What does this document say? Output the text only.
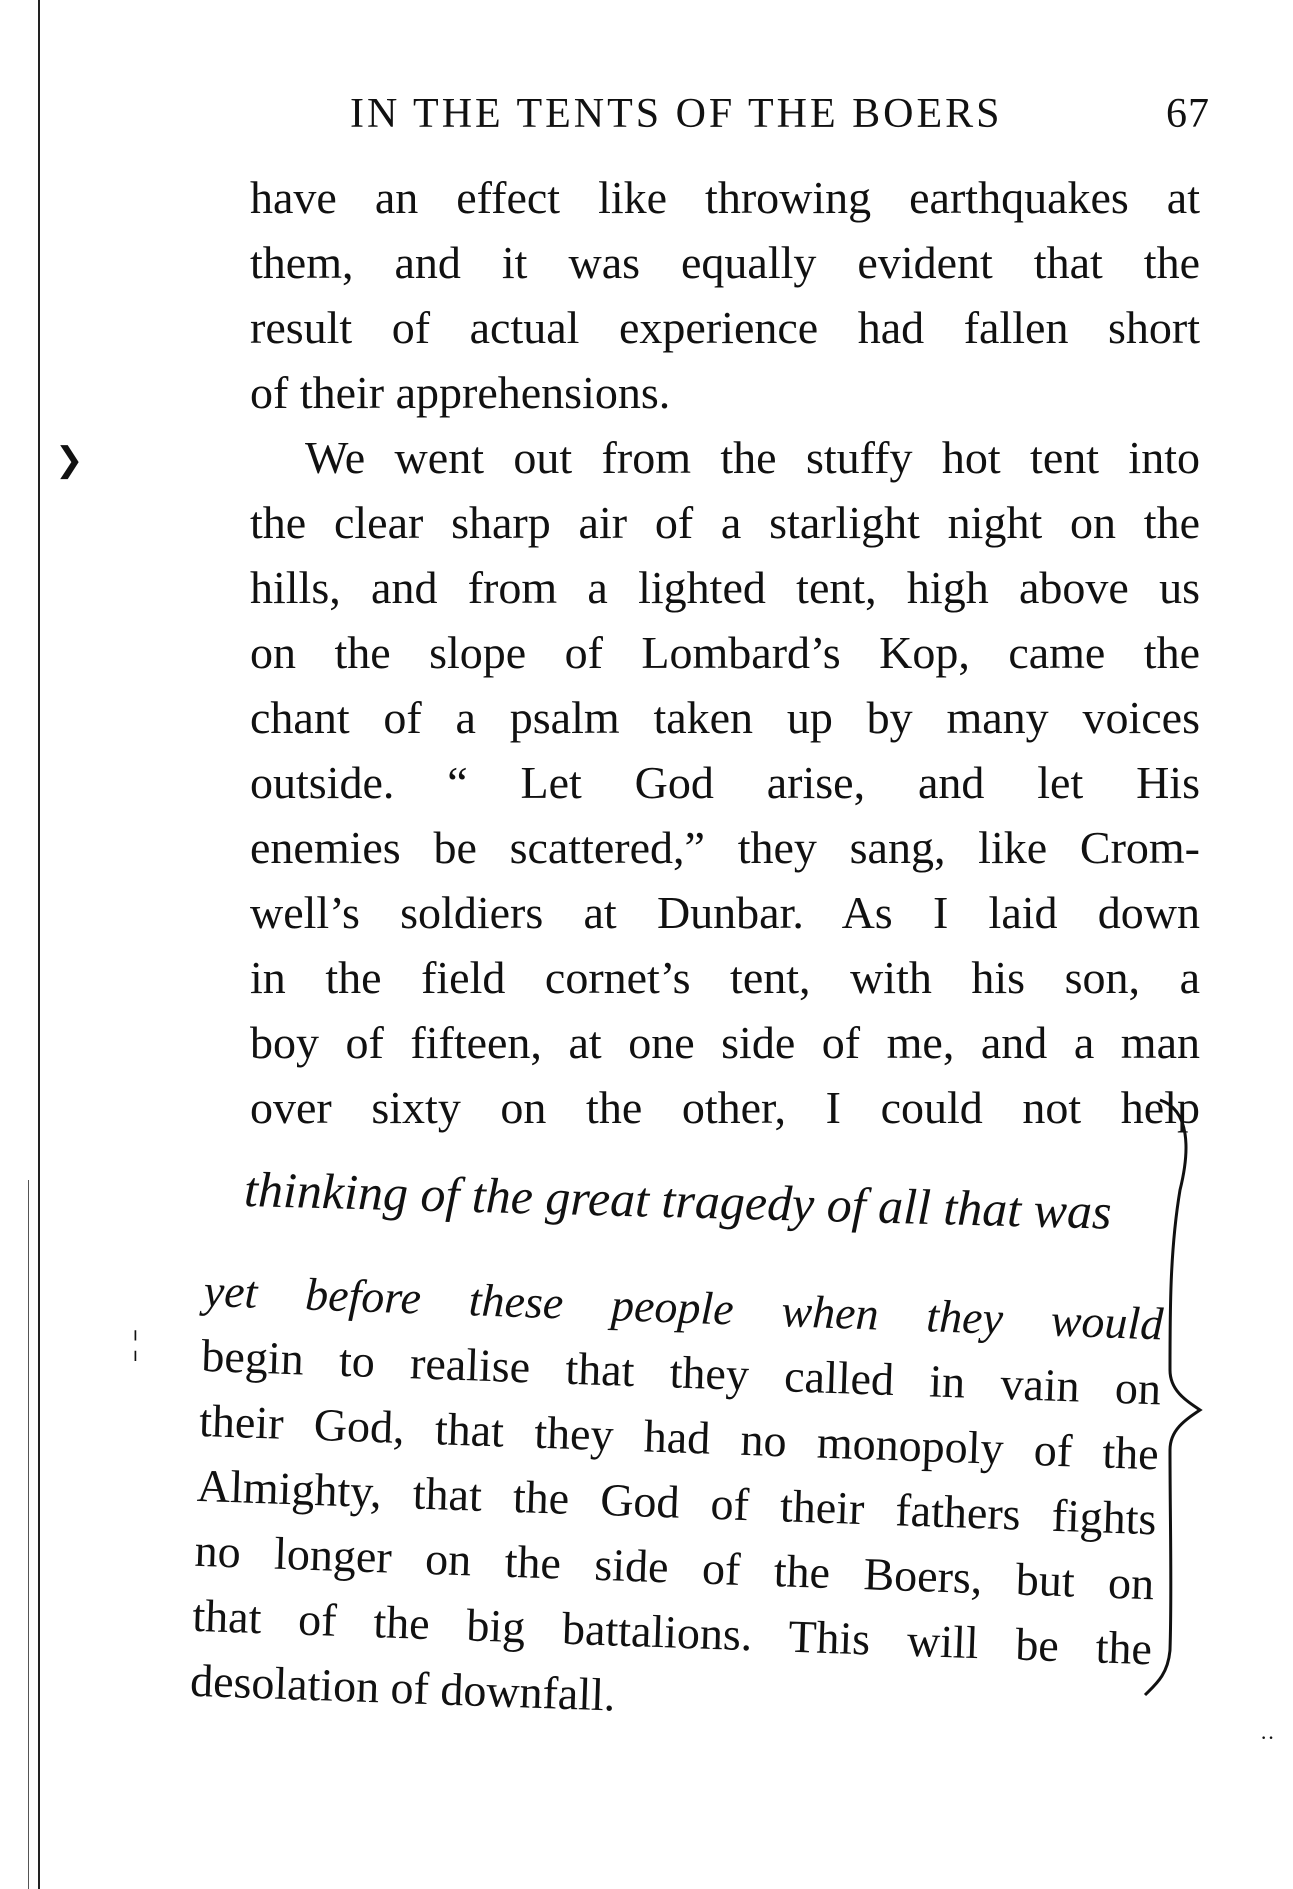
IN THE TENTS OF THE BOERS	67
have an effect like throwing earthquakes at
them, and it was equally evident that the
result of actual experience had fallen short
of their apprehensions.
We went out from the stuffy hot tent into
the clear sharp air of a starlight night on the
hills, and from a lighted tent, high above us
on the slope of Lombard’s Kop, came the
chant of a psalm taken up by many voices
outside. “ Let God arise, and let His
enemies be scattered,” they sang, like Crom-
well’s soldiers at Dunbar. As I laid down
in the field cornet’s tent, with his son, a
boy of fifteen, at one side of me, and a man
over sixty on the other, I could not help
thinking of the great tragedy of all that was
yet before these people when they would
begin to realise that they called in vain on
their God, that they had no monopoly of the
Almighty, that the God of their fathers fights
no longer on the side of the Boers, but on
that of the big battalions. This will be the
desolation of downfall.
❯
¦
··
